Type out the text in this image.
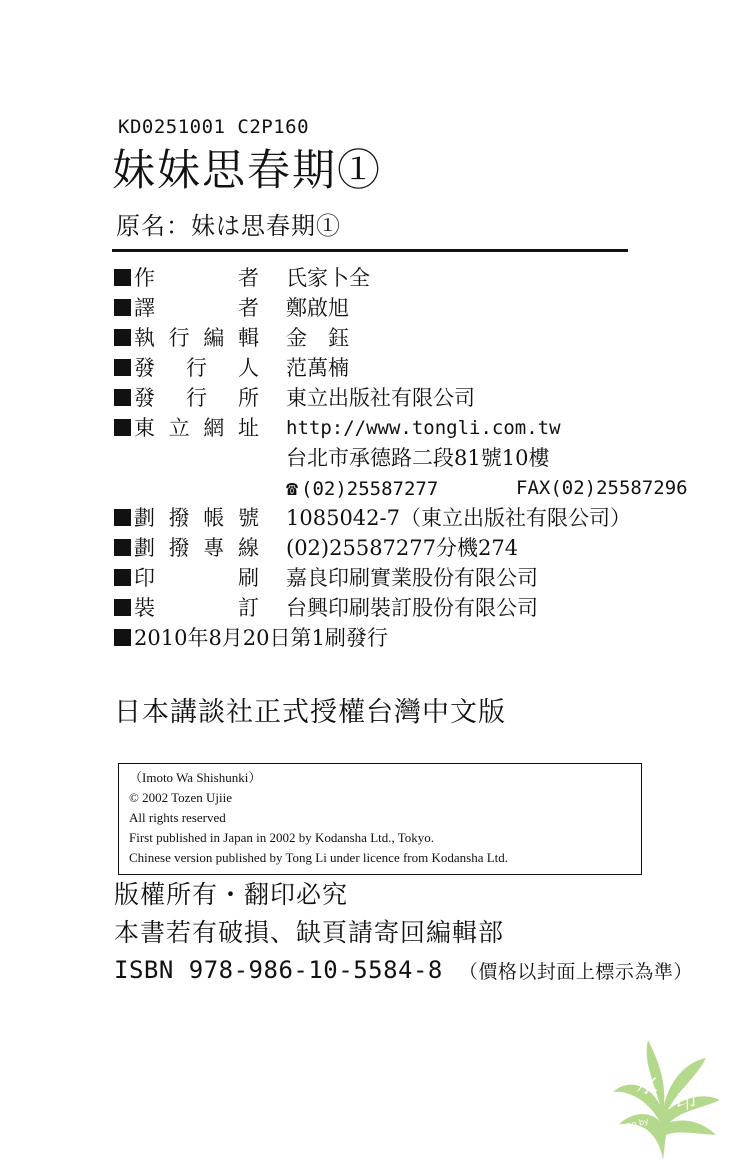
KD0251001 C2P160
妹妹思春期①
原名：妹は思春期①
作　者	氏家卜全
譯　者	鄭啟旭
執行編輯	金　鈺
發行人	范萬楠
發行所	東立出版社有限公司
東立網址	http://www.tongli.com.tw
台北市承德路二段81號10樓
☎ (02)25587277	FAX(02)25587296
劃撥帳號	1085042-7（東立出版社有限公司）
劃撥專線	(02)25587277分機274
印　刷	嘉良印刷實業股份有限公司
裝　訂	台興印刷裝訂股份有限公司
2010年8月20日第1刷發行
日本講談社正式授權台灣中文版
（Imoto Wa Shishunki）
© 2002 Tozen Ujiie
All rights reserved
First published in Japan in 2002 by Kodansha Ltd., Tokyo.
Chinese version published by Tong Li under licence from Kodansha Ltd.
版權所有・翻印必究
本書若有破損、缺頁請寄回編輯部
ISBN 978-986-10-5584-8 （價格以封面上標示為準）
水
印
Scan by
